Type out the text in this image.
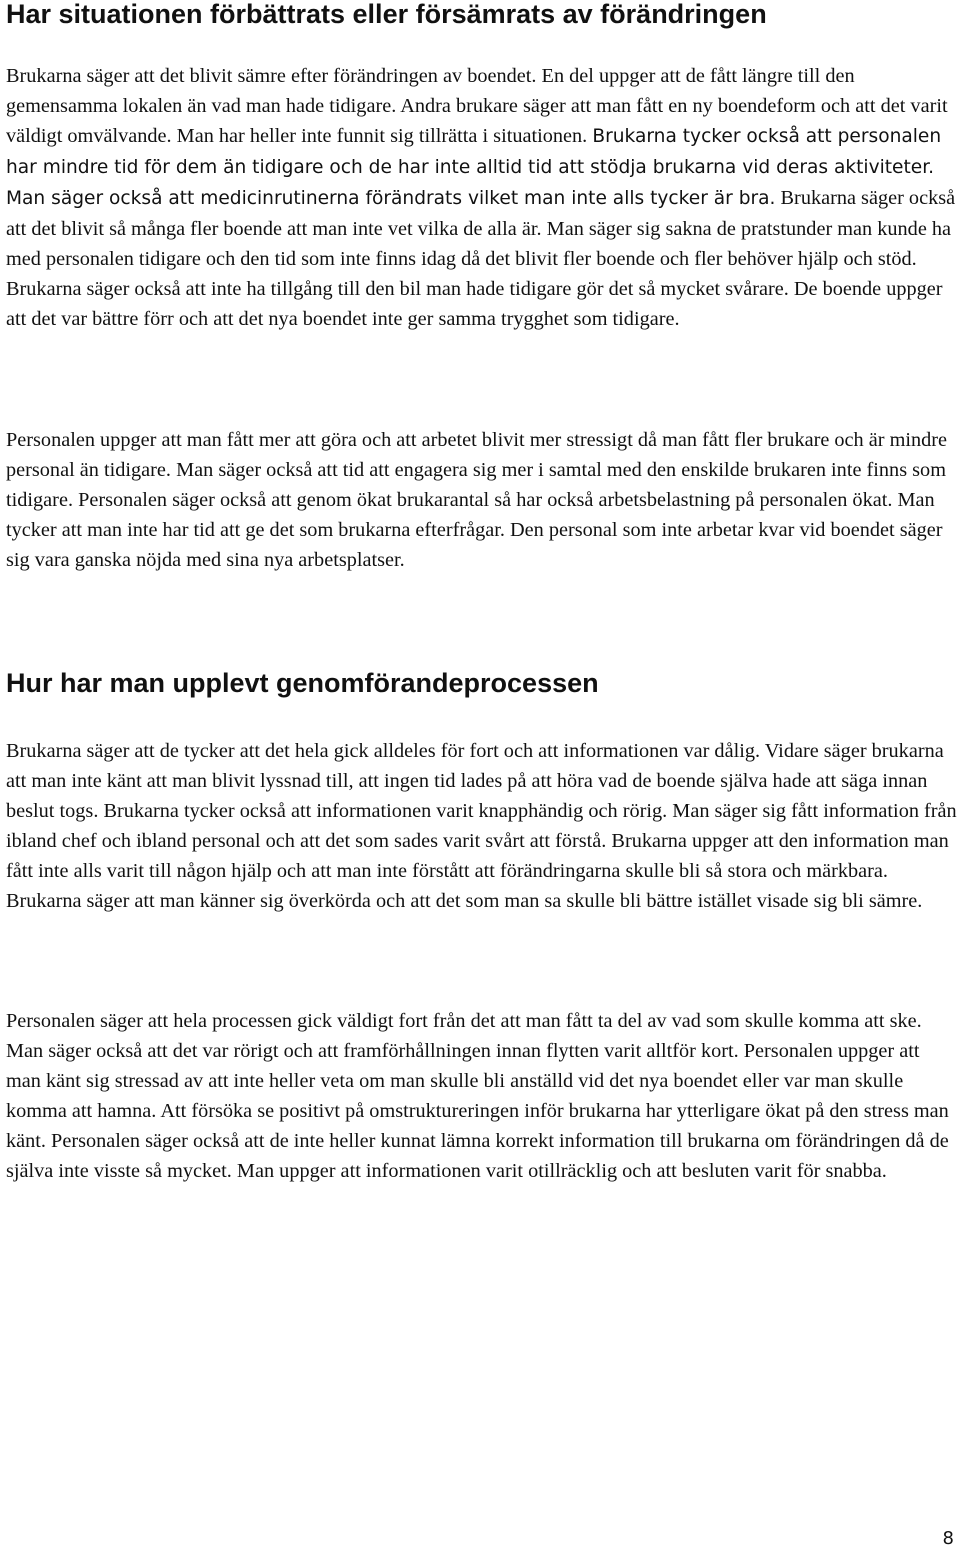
Har situationen förbättrats eller försämrats av förändringen

Brukarna säger att det blivit sämre efter förändringen av boendet. En del uppger att de fått längre till den gemensamma lokalen än vad man hade tidigare. Andra brukare säger att man fått en ny boendeform och att det varit väldigt omvälvande. Man har heller inte funnit sig tillrätta i situationen. Brukarna tycker också att personalen har mindre tid för dem än tidigare och de har inte alltid tid att stödja brukarna vid deras aktiviteter. Man säger också att medicinrutinerna förändrats vilket man inte alls tycker är bra. Brukarna säger också att det blivit så många fler boende att man inte vet vilka de alla är. Man säger sig sakna de pratstunder man kunde ha med personalen tidigare och den tid som inte finns idag då det blivit fler boende och fler behöver hjälp och stöd. Brukarna säger också att inte ha tillgång till den bil man hade tidigare gör det så mycket svårare. De boende uppger att det var bättre förr och att det nya boendet inte ger samma trygghet som tidigare.

Personalen uppger att man fått mer att göra och att arbetet blivit mer stressigt då man fått fler brukare och är mindre personal än tidigare. Man säger också att tid att engagera sig mer i samtal med den enskilde brukaren inte finns som tidigare. Personalen säger också att genom ökat brukarantal så har också arbetsbelastning på personalen ökat. Man tycker att man inte har tid att ge det som brukarna efterfrågar. Den personal som inte arbetar kvar vid boendet säger sig vara ganska nöjda med sina nya arbetsplatser.

Hur har man upplevt genomförandeprocessen

Brukarna säger att de tycker att det hela gick alldeles för fort och att informationen var dålig. Vidare säger brukarna att man inte känt att man blivit lyssnad till, att ingen tid lades på att höra vad de boende själva hade att säga innan beslut togs. Brukarna tycker också att informationen varit knapphändig och rörig. Man säger sig fått information från ibland chef och ibland personal och att det som sades varit svårt att förstå. Brukarna uppger att den information man fått inte alls varit till någon hjälp och att man inte förstått att förändringarna skulle bli så stora och märkbara. Brukarna säger att man känner sig överkörda och att det som man sa skulle bli bättre istället visade sig bli sämre.

Personalen säger att hela processen gick väldigt fort från det att man fått ta del av vad som skulle komma att ske. Man säger också att det var rörigt och att framförhållningen innan flytten varit alltför kort. Personalen uppger att man känt sig stressad av att inte heller veta om man skulle bli anställd vid det nya boendet eller var man skulle komma att hamna. Att försöka se positivt på omstruktureringen inför brukarna har ytterligare ökat på den stress man känt. Personalen säger också att de inte heller kunnat lämna korrekt information till brukarna om förändringen då de själva inte visste så mycket. Man uppger att informationen varit otillräcklig och att besluten varit för snabba.

8
